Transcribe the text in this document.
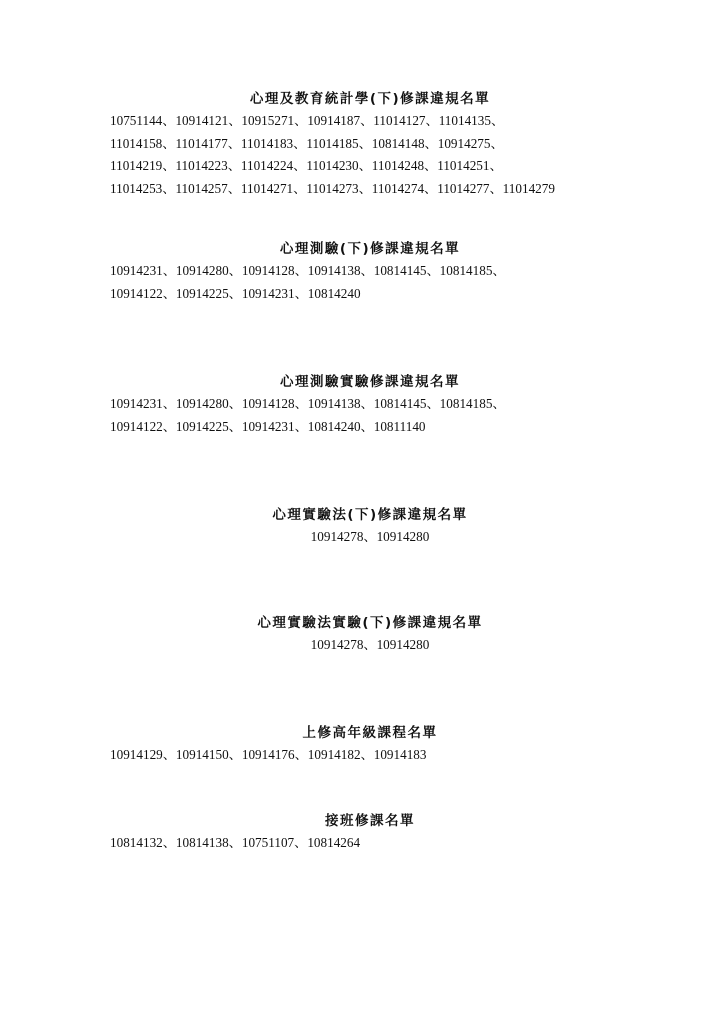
心理及教育統計學(下)修課違規名單

10751144、10914121、10915271、10914187、11014127、11014135、
11014158、11014177、11014183、11014185、10814148、10914275、
11014219、11014223、11014224、11014230、11014248、11014251、
11014253、11014257、11014271、11014273、11014274、11014277、11014279

心理測驗(下)修課違規名單

10914231、10914280、10914128、10914138、10814145、10814185、
10914122、10914225、10914231、10814240

心理測驗實驗修課違規名單

10914231、10914280、10914128、10914138、10814145、10814185、
10914122、10914225、10914231、10814240、10811140

心理實驗法(下)修課違規名單

10914278、10914280

心理實驗法實驗(下)修課違規名單

10914278、10914280

上修高年級課程名單

10914129、10914150、10914176、10914182、10914183

接班修課名單

10814132、10814138、10751107、10814264
